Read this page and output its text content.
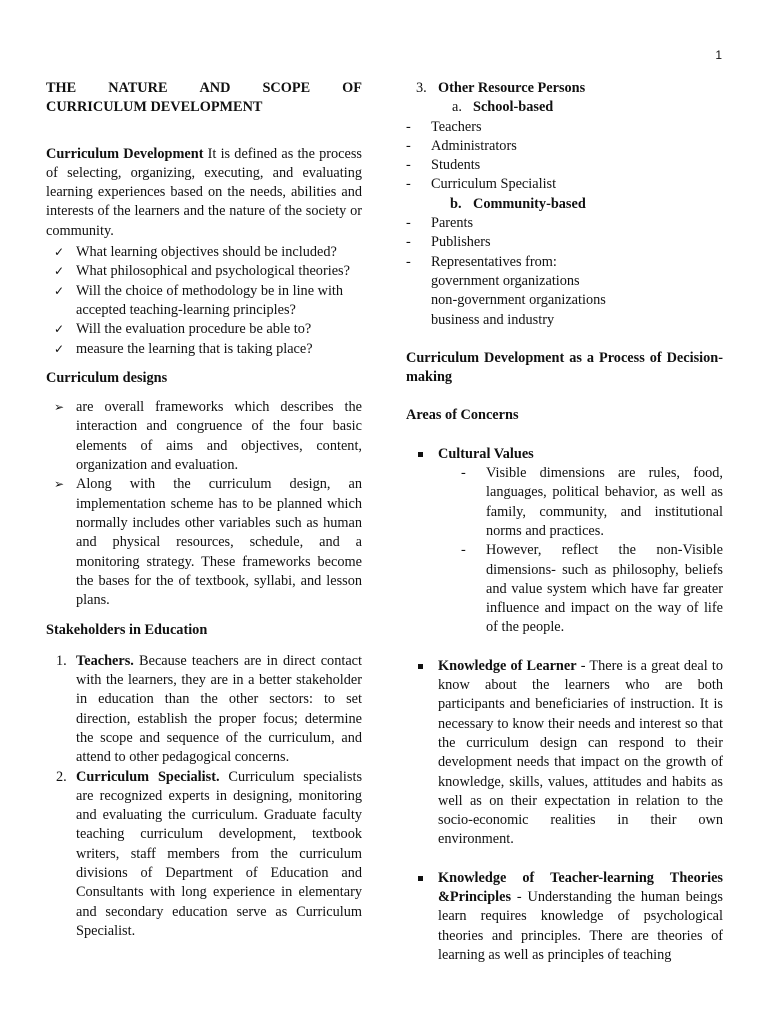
1
THE NATURE AND SCOPE OF
CURRICULUM DEVELOPMENT

Curriculum Development It is defined as the process of selecting, organizing, executing, and evaluating learning experiences based on the needs, abilities and interests of the learners and the nature of the society or community.

✓ What learning objectives should be included?
✓ What philosophical and psychological theories?
✓ Will the choice of methodology be in line with accepted teaching-learning principles?
✓ Will the evaluation procedure be able to?
✓ measure the learning that is taking place?
Curriculum designs
➢ are overall frameworks which describes the interaction and congruence of the four basic elements of aims and objectives, content, organization and evaluation.
➢ Along with the curriculum design, an implementation scheme has to be planned which normally includes other variables such as human and physical resources, schedule, and a monitoring strategy. These frameworks become the bases for the of textbook, syllabi, and lesson plans.
Stakeholders in Education
1. Teachers. Because teachers are in direct contact with the learners, they are in a better stakeholder in education than the other sectors: to set direction, establish the proper focus; determine the scope and sequence of the curriculum, and attend to other pedagogical concerns.
2. Curriculum Specialist. Curriculum specialists are recognized experts in designing, monitoring and evaluating the curriculum. Graduate faculty teaching curriculum development, textbook writers, staff members from the curriculum divisions of Department of Education and Consultants with long experience in elementary and secondary education serve as Curriculum Specialist.
3. Other Resource Persons
a. School-based
- Teachers
- Administrators
- Students
- Curriculum Specialist
b. Community-based
- Parents
- Publishers
- Representatives from:
government organizations
non-government organizations
business and industry
Curriculum Development as a Process of Decision-making
Areas of Concerns
Cultural Values
- Visible dimensions are rules, food, languages, political behavior, as well as family, community, and institutional norms and practices.
- However, reflect the non-Visible dimensions- such as philosophy, beliefs and value system which have far greater influence and impact on the way of life of the people.
Knowledge of Learner - There is a great deal to know about the learners who are both participants and beneficiaries of instruction. It is necessary to know their needs and interest so that the curriculum design can respond to their development needs that impact on the growth of knowledge, skills, values, attitudes and habits as well as on their expectation in relation to the socio-economic realities in their own environment.
Knowledge of Teacher-learning Theories &Principles - Understanding the human beings learn requires knowledge of psychological theories and principles. There are theories of learning as well as principles of teaching
